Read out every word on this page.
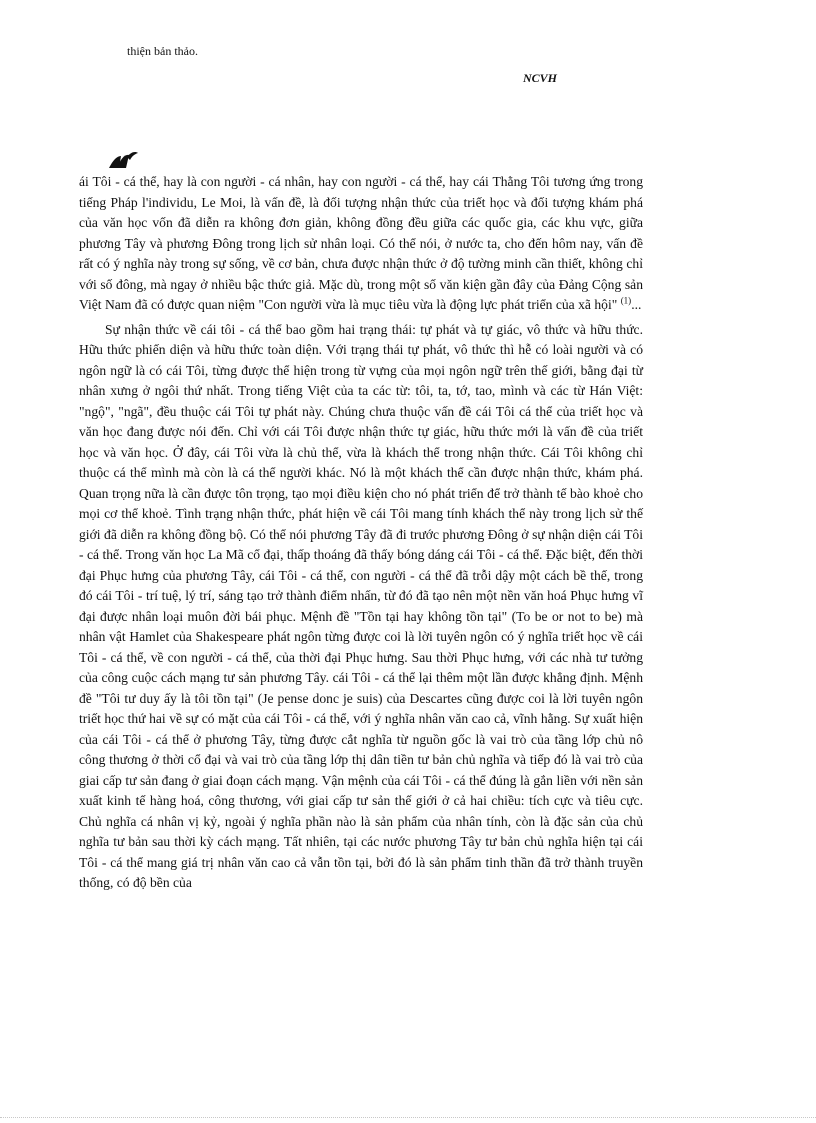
thiện bản thảo.
NCVH

ái Tôi - cá thể, hay là con người - cá nhân, hay con người - cá thể, hay cái Thằng Tôi tương ứng trong tiếng Pháp l'individu, Le Moi, là vấn đề, là đối tượng nhận thức của triết học và đối tượng khám phá của văn học vốn đã diễn ra không đơn giản, không đồng đều giữa các quốc gia, các khu vực, giữa phương Tây và phương Đông trong lịch sử nhân loại. Có thể nói, ở nước ta, cho đến hôm nay, vấn đề rất có ý nghĩa này trong sự sống, về cơ bản, chưa được nhận thức ở độ tường minh cần thiết, không chỉ với số đông, mà ngay ở nhiều bậc thức giả. Mặc dù, trong một số văn kiện gần đây của Đảng Cộng sản Việt Nam đã có được quan niệm "Con người vừa là mục tiêu vừa là động lực phát triển của xã hội" $^{(1)}$...

Sự nhận thức về cái tôi - cá thể bao gồm hai trạng thái: tự phát và tự giác, vô thức và hữu thức. Hữu thức phiến diện và hữu thức toàn diện. Với trạng thái tự phát, vô thức thì hễ có loài người và có ngôn ngữ là có cái Tôi, từng được thể hiện trong từ vựng của mọi ngôn ngữ trên thế giới, bằng đại từ nhân xưng ở ngôi thứ nhất. Trong tiếng Việt của ta các từ: tôi, ta, tớ, tao, mình và các từ Hán Việt: "ngộ", "ngã", đều thuộc cái Tôi tự phát này. Chúng chưa thuộc vấn đề cái Tôi cá thể của triết học và văn học đang được nói đến. Chỉ với cái Tôi được nhận thức tự giác, hữu thức mới là vấn đề của triết học và văn học. Ở đây, cái Tôi vừa là chủ thể, vừa là khách thể trong nhận thức. Cái Tôi không chỉ thuộc cá thể mình mà còn là cá thể người khác. Nó là một khách thể cần được nhận thức, khám phá. Quan trọng nữa là cần được tôn trọng, tạo mọi điều kiện cho nó phát triển để trở thành tế bào khoẻ cho mọi cơ thể khoẻ. Tình trạng nhận thức, phát hiện về cái Tôi mang tính khách thể này trong lịch sử thế giới đã diễn ra không đồng bộ. Có thể nói phương Tây đã đi trước phương Đông ở sự nhận diện cái Tôi - cá thể. Trong văn học La Mã cổ đại, thấp thoáng đã thấy bóng dáng cái Tôi - cá thể. Đặc biệt, đến thời đại Phục hưng của phương Tây, cái Tôi - cá thể, con người - cá thể đã trỗi dậy một cách bề thế, trong đó cái Tôi - trí tuệ, lý trí, sáng tạo trở thành điểm nhấn, từ đó đã tạo nên một nền văn hoá Phục hưng vĩ đại được nhân loại muôn đời bái phục. Mệnh đề "Tồn tại hay không tồn tại" (To be or not to be) mà nhân vật Hamlet của Shakespeare phát ngôn từng được coi là lời tuyên ngôn có ý nghĩa triết học về cái Tôi - cá thể, về con người - cá thể, của thời đại Phục hưng. Sau thời Phục hưng, với các nhà tư tưởng của công cuộc cách mạng tư sản phương Tây. cái Tôi - cá thể lại thêm một lần được khẳng định. Mệnh đề "Tôi tư duy ấy là tôi tồn tại" (Je pense donc je suis) của Descartes cũng được coi là lời tuyên ngôn triết học thứ hai về sự có mặt của cái Tôi - cá thể, với ý nghĩa nhân văn cao cả, vĩnh hằng. Sự xuất hiện của cái Tôi - cá thể ở phương Tây, từng được cắt nghĩa từ nguồn gốc là vai trò của tầng lớp chủ nô công thương ở thời cổ đại và vai trò của tầng lớp thị dân tiền tư bản chủ nghĩa và tiếp đó là vai trò của giai cấp tư sản đang ở giai đoạn cách mạng. Vận mệnh của cái Tôi - cá thể đúng là gắn liền với nền sản xuất kinh tế hàng hoá, công thương, với giai cấp tư sản thế giới ở cả hai chiều: tích cực và tiêu cực. Chủ nghĩa cá nhân vị kỷ, ngoài ý nghĩa phần nào là sản phẩm của nhân tính, còn là đặc sản của chủ nghĩa tư bản sau thời kỳ cách mạng. Tất nhiên, tại các nước phương Tây tư bản chủ nghĩa hiện tại cái Tôi - cá thể mang giá trị nhân văn cao cả vẫn tồn tại, bởi đó là sản phẩm tinh thần đã trở thành truyền thống, có độ bền của
